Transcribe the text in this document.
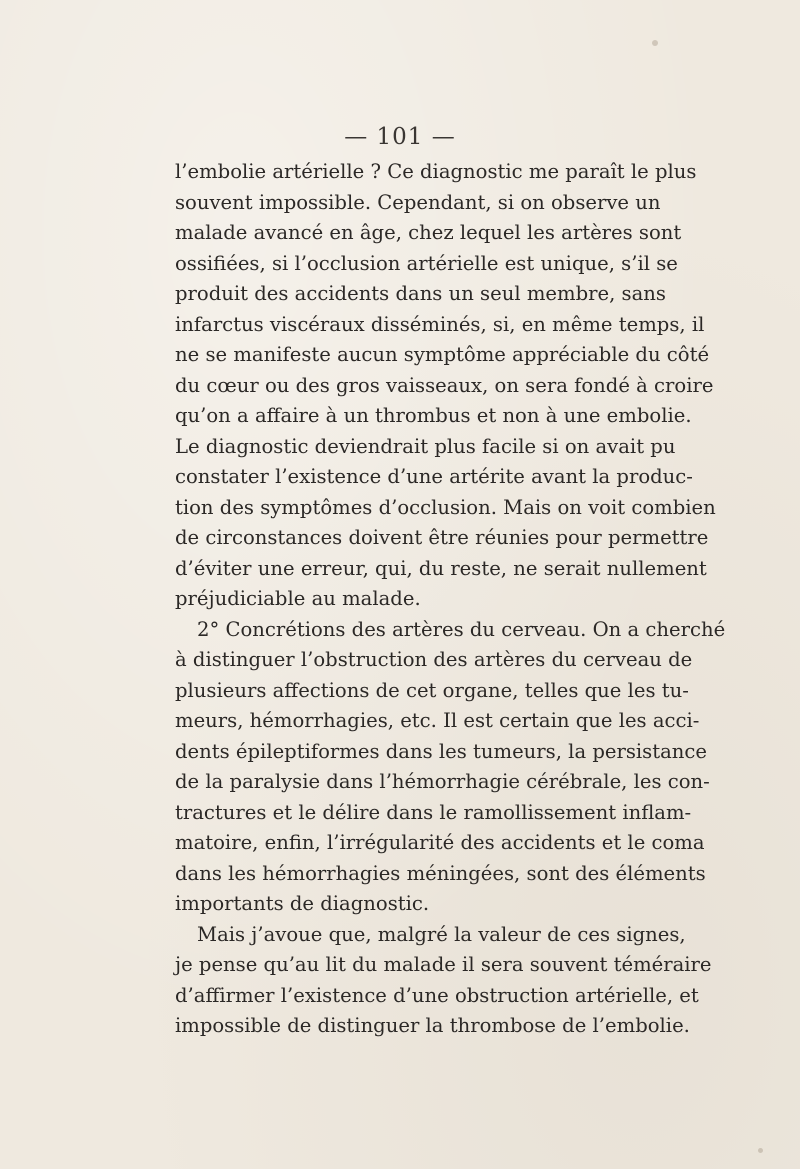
— 101 —
l’embolie artérielle ? Ce diagnostic me paraît le plus
souvent impossible. Cependant, si on observe un
malade avancé en âge, chez lequel les artères sont
ossifiées, si l’occlusion artérielle est unique, s’il se
produit des accidents dans un seul membre, sans
infarctus viscéraux disséminés, si, en même temps, il
ne se manifeste aucun symptôme appréciable du côté
du cœur ou des gros vaisseaux, on sera fondé à croire
qu’on a affaire à un thrombus et non à une embolie.
Le diagnostic deviendrait plus facile si on avait pu
constater l’existence d’une artérite avant la produc-
tion des symptômes d’occlusion. Mais on voit combien
de circonstances doivent être réunies pour permettre
d’éviter une erreur, qui, du reste, ne serait nullement
préjudiciable au malade.
2° Concrétions des artères du cerveau. On a cherché
à distinguer l’obstruction des artères du cerveau de
plusieurs affections de cet organe, telles que les tu-
meurs, hémorrhagies, etc. Il est certain que les acci-
dents épileptiformes dans les tumeurs, la persistance
de la paralysie dans l’hémorrhagie cérébrale, les con-
tractures et le délire dans le ramollissement inflam-
matoire, enfin, l’irrégularité des accidents et le coma
dans les hémorrhagies méningées, sont des éléments
importants de diagnostic.
Mais j’avoue que, malgré la valeur de ces signes,
je pense qu’au lit du malade il sera souvent téméraire
d’affirmer l’existence d’une obstruction artérielle, et
impossible de distinguer la thrombose de l’embolie.
